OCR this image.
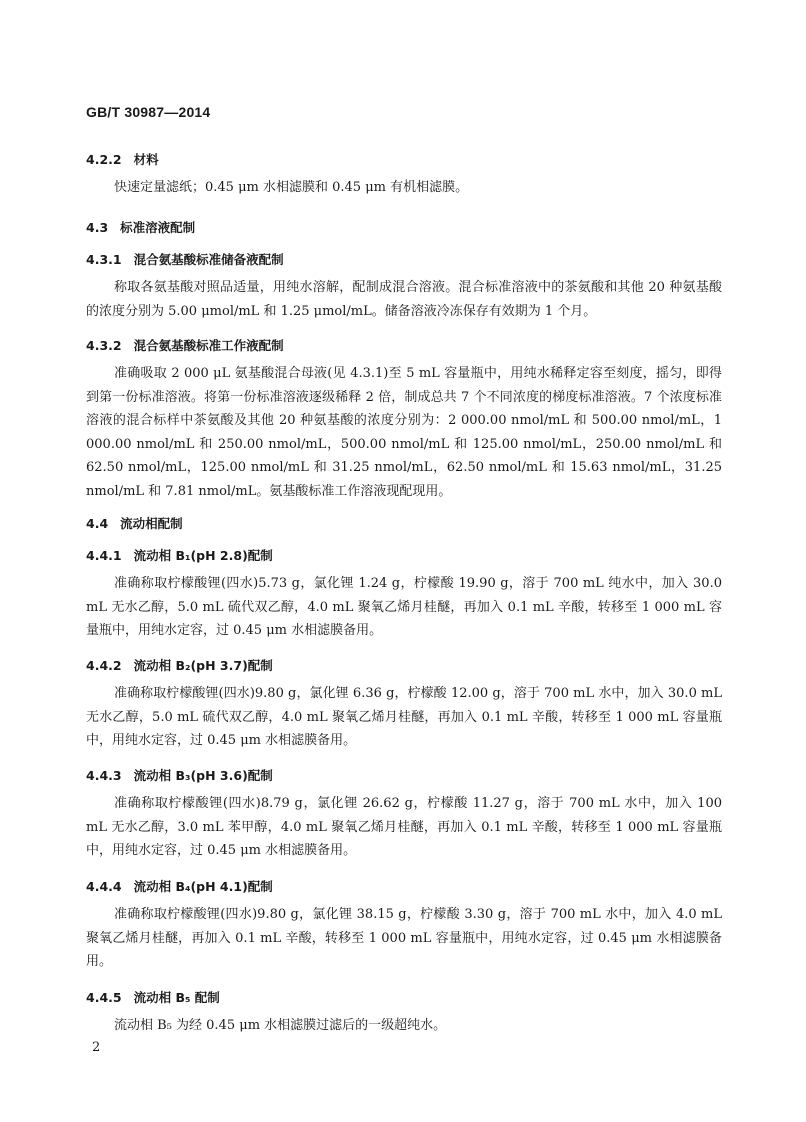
GB/T 30987—2014
4.2.2 材料
快速定量滤纸；0.45 μm 水相滤膜和 0.45 μm 有机相滤膜。
4.3 标准溶液配制
4.3.1 混合氨基酸标准储备液配制
称取各氨基酸对照品适量，用纯水溶解，配制成混合溶液。混合标准溶液中的茶氨酸和其他 20 种氨基酸的浓度分别为 5.00 μmol/mL 和 1.25 μmol/mL。储备溶液冷冻保存有效期为 1 个月。
4.3.2 混合氨基酸标准工作液配制
准确吸取 2 000 μL 氨基酸混合母液(见 4.3.1)至 5 mL 容量瓶中，用纯水稀释定容至刻度，摇匀，即得到第一份标准溶液。将第一份标准溶液逐级稀释 2 倍，制成总共 7 个不同浓度的梯度标准溶液。7 个浓度标准溶液的混合标样中茶氨酸及其他 20 种氨基酸的浓度分别为：2 000.00 nmol/mL 和 500.00 nmol/mL，1 000.00 nmol/mL 和 250.00 nmol/mL，500.00 nmol/mL 和 125.00 nmol/mL，250.00 nmol/mL 和 62.50 nmol/mL，125.00 nmol/mL 和 31.25 nmol/mL，62.50 nmol/mL 和 15.63 nmol/mL，31.25 nmol/mL 和 7.81 nmol/mL。氨基酸标准工作溶液现配现用。
4.4 流动相配制
4.4.1 流动相 B₁(pH 2.8)配制
准确称取柠檬酸锂(四水)5.73 g，氯化锂 1.24 g，柠檬酸 19.90 g，溶于 700 mL 纯水中，加入 30.0 mL 无水乙醇，5.0 mL 硫代双乙醇，4.0 mL 聚氧乙烯月桂醚，再加入 0.1 mL 辛酸，转移至 1 000 mL 容量瓶中，用纯水定容，过 0.45 μm 水相滤膜备用。
4.4.2 流动相 B₂(pH 3.7)配制
准确称取柠檬酸锂(四水)9.80 g，氯化锂 6.36 g，柠檬酸 12.00 g，溶于 700 mL 水中，加入 30.0 mL 无水乙醇，5.0 mL 硫代双乙醇，4.0 mL 聚氧乙烯月桂醚，再加入 0.1 mL 辛酸，转移至 1 000 mL 容量瓶中，用纯水定容，过 0.45 μm 水相滤膜备用。
4.4.3 流动相 B₃(pH 3.6)配制
准确称取柠檬酸锂(四水)8.79 g，氯化锂 26.62 g，柠檬酸 11.27 g，溶于 700 mL 水中，加入 100 mL 无水乙醇，3.0 mL 苯甲醇，4.0 mL 聚氧乙烯月桂醚，再加入 0.1 mL 辛酸，转移至 1 000 mL 容量瓶中，用纯水定容，过 0.45 μm 水相滤膜备用。
4.4.4 流动相 B₄(pH 4.1)配制
准确称取柠檬酸锂(四水)9.80 g，氯化锂 38.15 g，柠檬酸 3.30 g，溶于 700 mL 水中，加入 4.0 mL 聚氧乙烯月桂醚，再加入 0.1 mL 辛酸，转移至 1 000 mL 容量瓶中，用纯水定容，过 0.45 μm 水相滤膜备用。
4.4.5 流动相 B₅ 配制
流动相 B₅ 为经 0.45 μm 水相滤膜过滤后的一级超纯水。
2
